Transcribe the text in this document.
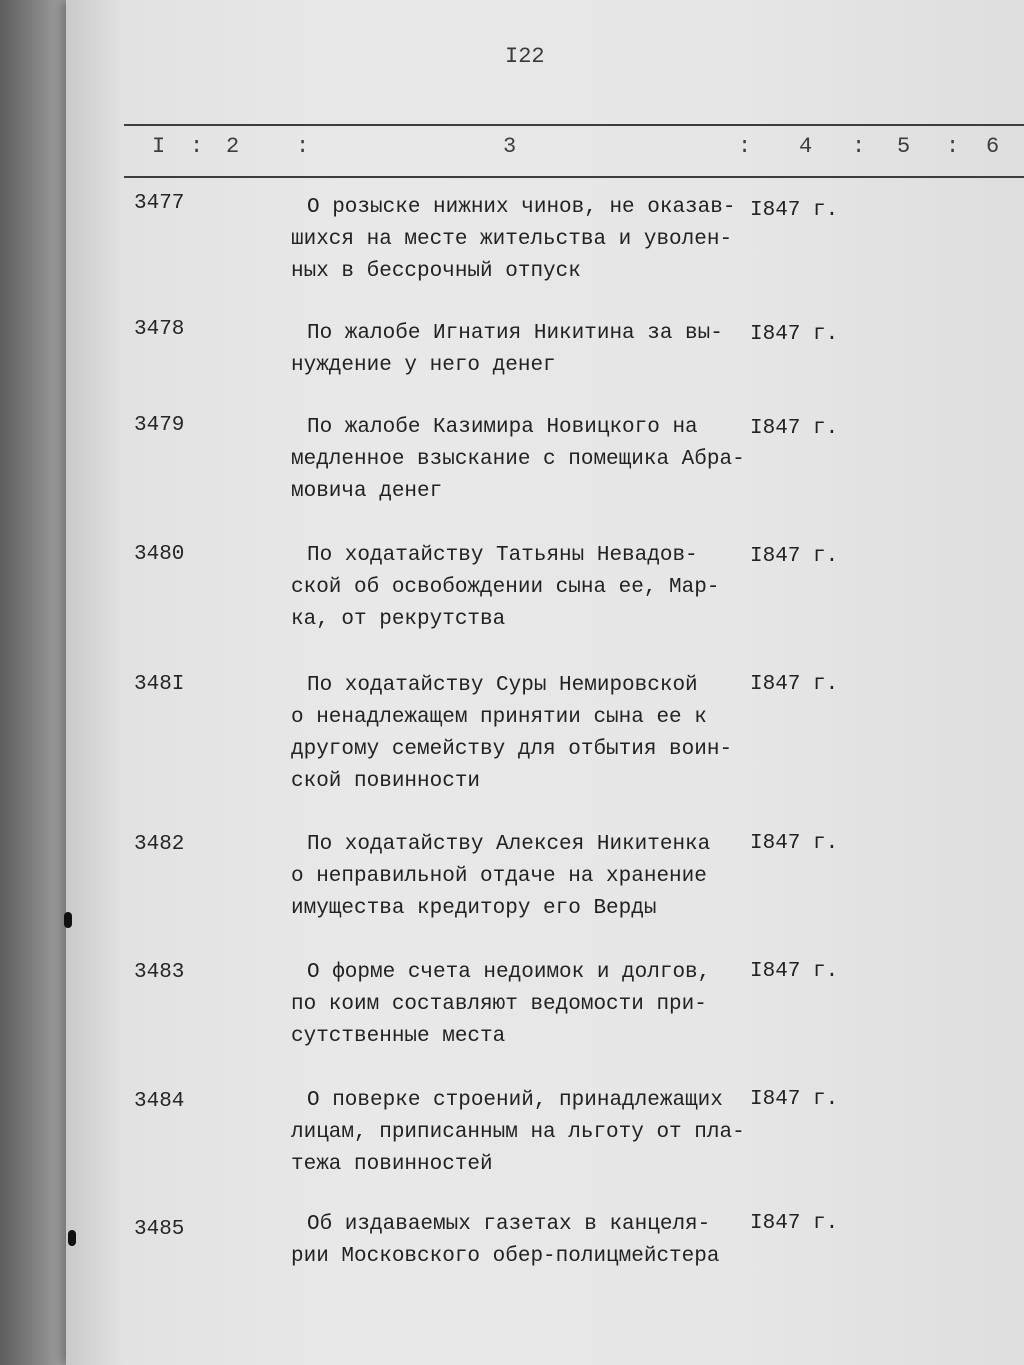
I22
I : 2	:	3	: 4 : 5 : 6
3477	О розыске нижних чинов, не оказав-
шихся на месте жительства и уволен-
ных в бессрочный отпуск
I847 г.
3478	По жалобе Игнатия Никитина за вы-
нуждение у него денег
I847 г.
3479	По жалобе Казимира Новицкого на
медленное взыскание с помещика Абра-
мовича денег
I847 г.
3480	По ходатайству Татьяны Невадов-
ской об освобождении сына ее, Мар-
ка, от рекрутства
I847 г.
348I	По ходатайству Суры Немировской
о ненадлежащем принятии сына ее к
другому семейству для отбытия воин-
ской повинности
I847 г.
3482	По ходатайству Алексея Никитенка
о неправильной отдаче на хранение
имущества кредитору его Верды
I847 г.
3483	О форме счета недоимок и долгов,
по коим составляют ведомости при-
сутственные места
I847 г.
3484	О поверке строений, принадлежащих
лицам, приписанным на льготу от пла-
тежа повинностей
I847 г.
3485	Об издаваемых газетах в канцеля-
рии Московского обер-полицмейстера
I847 г.
